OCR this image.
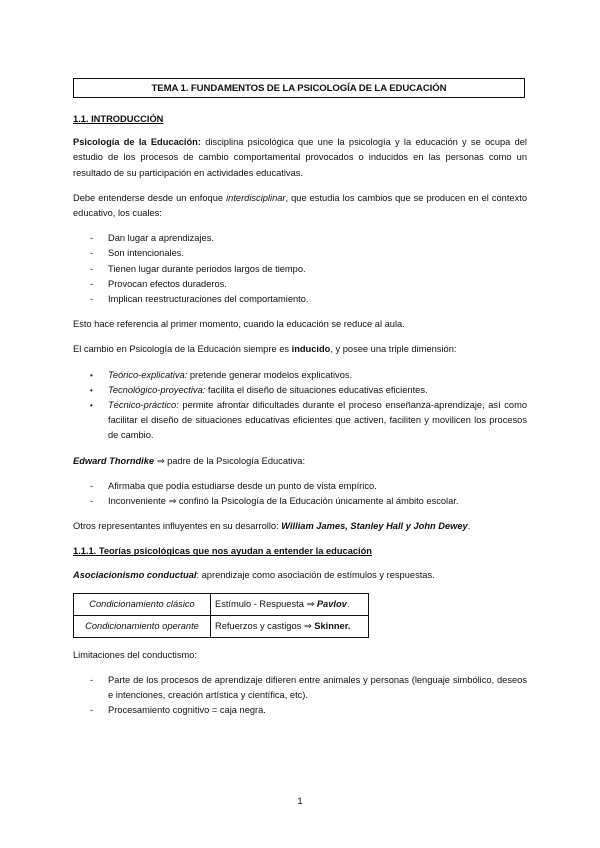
TEMA 1. FUNDAMENTOS DE LA PSICOLOGÍA DE LA EDUCACIÓN
1.1. INTRODUCCIÓN

Psicología de la Educación: disciplina psicológica que une la psicología y la educación y se ocupa del estudio de los procesos de cambio comportamental provocados o inducidos en las personas como un resultado de su participación en actividades educativas.

Debe entenderse desde un enfoque interdisciplinar, que estudia los cambios que se producen en el contexto educativo, los cuales:

- Dan lugar a aprendizajes.
- Son intencionales.
- Tienen lugar durante periodos largos de tiempo.
- Provocan efectos duraderos.
- Implican reestructuraciones del comportamiento.

Esto hace referencia al primer momento, cuando la educación se reduce al aula.

El cambio en Psicología de la Educación siempre es inducido, y posee una triple dimensión:

• Teórico-explicativa: pretende generar modelos explicativos.
• Tecnológico-proyectiva: facilita el diseño de situaciones educativas eficientes.
• Técnico-práctico: permite afrontar dificultades durante el proceso enseñanza-aprendizaje, así como facilitar el diseño de situaciones educativas eficientes que activen, faciliten y movilicen los procesos de cambio.

Edward Thorndike ⇒ padre de la Psicología Educativa:

- Afirmaba que podía estudiarse desde un punto de vista empírico.
- Inconveniente ⇒ confinó la Psicología de la Educación únicamente al ámbito escolar.

Otros representantes influyentes en su desarrollo: William James, Stanley Hall y John Dewey.

1.1.1. Teorías psicológicas que nos ayudan a entender la educación

Asociacionismo conductual: aprendizaje como asociación de estímulos y respuestas.

Condicionamiento clásico	Estímulo - Respuesta ⇒ Pavlov.
Condicionamiento operante	Refuerzos y castigos ⇒ Skinner.

Limitaciones del conductismo:

- Parte de los procesos de aprendizaje difieren entre animales y personas (lenguaje simbólico, deseos e intenciones, creación artística y científica, etc).
- Procesamiento cognitivo = caja negra.
1
